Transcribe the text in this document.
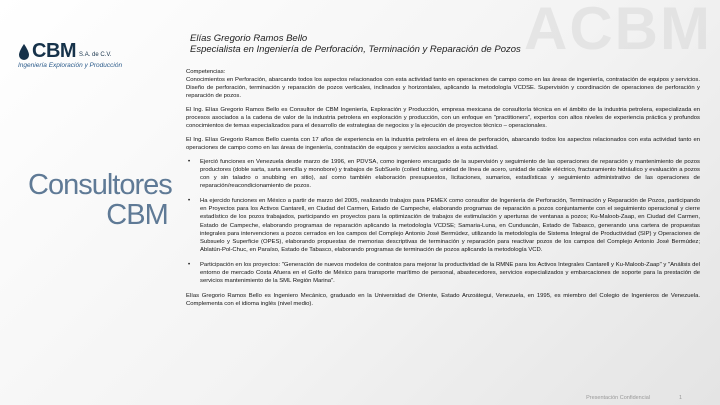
ACBM
CBM S.A. de C.V.
Ingeniería Exploración y Producción
Consultores

CBM
Elías Gregorio Ramos Bello
Especialista en Ingeniería de Perforación, Terminación y Reparación de Pozos

Competencias:
Conocimientos en Perforación, abarcando todos los aspectos relacionados con esta actividad tanto en operaciones de campo como en las áreas de ingeniería, contratación de equipos y servicios. Diseño de perforación, terminación y reparación de pozos verticales, inclinados y horizontales, aplicando la metodología VCDSE. Supervisión y coordinación de operaciones de perforación y reparación de pozos.

El Ing. Elías Gregorio Ramos Bello es Consultor de CBM Ingeniería, Exploración y Producción, empresa mexicana de consultoría técnica en el ámbito de la industria petrolera, especializada en procesos asociados a la cadena de valor de la industria petrolera en exploración y producción, con un enfoque en "practitioners", expertos con altos niveles de experiencia práctica y profundos conocimientos de temas especializados para el desarrollo de estrategias de negocios y la ejecución de proyectos técnico – operacionales.

El Ing. Elías Gregorio Ramos Bello cuenta con 17 años de experiencia en la industria petrolera en el área de perforación, abarcando todos los aspectos relacionados con esta actividad tanto en operaciones de campo como en las áreas de ingeniería, contratación de equipos y servicios asociados a esta actividad.

• Ejerció funciones en Venezuela desde marzo de 1996, en PDVSA, como ingeniero encargado de la supervisión y seguimiento de las operaciones de reparación y mantenimiento de pozos productores (doble sarta, sarta sencilla y monobore) y trabajos de SubSuelo (coiled tubing, unidad de línea de acero, unidad de cable eléctrico, fracturamiento hidráulico y evaluación a pozos con y sin taladro o snubbing en sitio), así como también elaboración presupuestos, licitaciones, sumarios, estadísticas y seguimiento administrativo de las operaciones de reparación/reacondicionamiento de pozos.
• Ha ejercido funciones en México a partir de marzo del 2005, realizando trabajos para PEMEX como consultor de Ingeniería de Perforación, Terminación y Reparación de Pozos, participando en Proyectos para los Activos Cantarell, en Ciudad del Carmen, Estado de Campeche, elaborando programas de reparación a pozos conjuntamente con el seguimiento operacional y cierre estadístico de los pozos trabajados, participando en proyectos para la optimización de trabajos de estimulación y aperturas de ventanas a pozos; Ku-Maloob-Zaap, en Ciudad del Carmen, Estado de Campeche, elaborando programas de reparación aplicando la metodología VCDSE; Samaria-Luna, en Cunduacán, Estado de Tabasco, generando una cartera de propuestas integrales para intervenciones a pozos cerrados en los campos del Complejo Antonio José Bermúdez, utilizando la metodología de Sistema Integral de Productividad (SIP) y Operaciones de Subsuelo y Superficie (OPES), elaborando propuestas de memorias descriptivas de terminación y reparación para reactivar pozos de los campos del Complejo Antonio José Bermúdez; Ablatún-Pol-Chuc, en Paraíso, Estado de Tabasco, elaborando programas de terminación de pozos aplicando la metodología VCD.
• Participación en los proyectos: "Generación de nuevos modelos de contratos para mejorar la productividad de la RMNE para los Activos Integrales Cantarell y Ku-Maloob-Zaap" y "Análisis del entorno de mercado Costa Afuera en el Golfo de México para transporte marítimo de personal, abastecedores, servicios especializados y embarcaciones de soporte para la prestación de servicios mantenimiento de la SML Región Marina".

Elías Gregorio Ramos Bello es Ingeniero Mecánico, graduado en la Universidad de Oriente, Estado Anzoátegui, Venezuela, en 1995, es miembro del Colegio de Ingenieros de Venezuela. Complementa con el idioma inglés (nivel medio).

Presentación Confidencial	1
